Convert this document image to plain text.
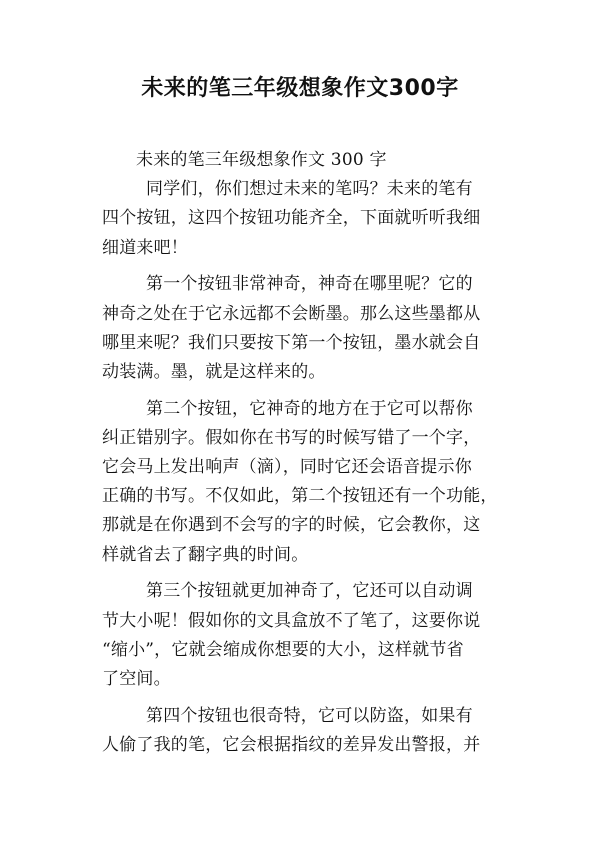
未来的笔三年级想象作文300字

未来的笔三年级想象作文 300 字

同学们，你们想过未来的笔吗？未来的笔有
四个按钮，这四个按钮功能齐全，下面就听听我细
细道来吧！

第一个按钮非常神奇，神奇在哪里呢？它的
神奇之处在于它永远都不会断墨。那么这些墨都从
哪里来呢？我们只要按下第一个按钮，墨水就会自
动装满。墨，就是这样来的。

第二个按钮，它神奇的地方在于它可以帮你
纠正错别字。假如你在书写的时候写错了一个字，
它会马上发出响声（滴），同时它还会语音提示你
正确的书写。不仅如此，第二个按钮还有一个功能，
那就是在你遇到不会写的字的时候，它会教你，这
样就省去了翻字典的时间。

第三个按钮就更加神奇了，它还可以自动调
节大小呢！假如你的文具盒放不了笔了，这要你说
“缩小”，它就会缩成你想要的大小，这样就节省
了空间。

第四个按钮也很奇特，它可以防盗，如果有
人偷了我的笔，它会根据指纹的差异发出警报，并
